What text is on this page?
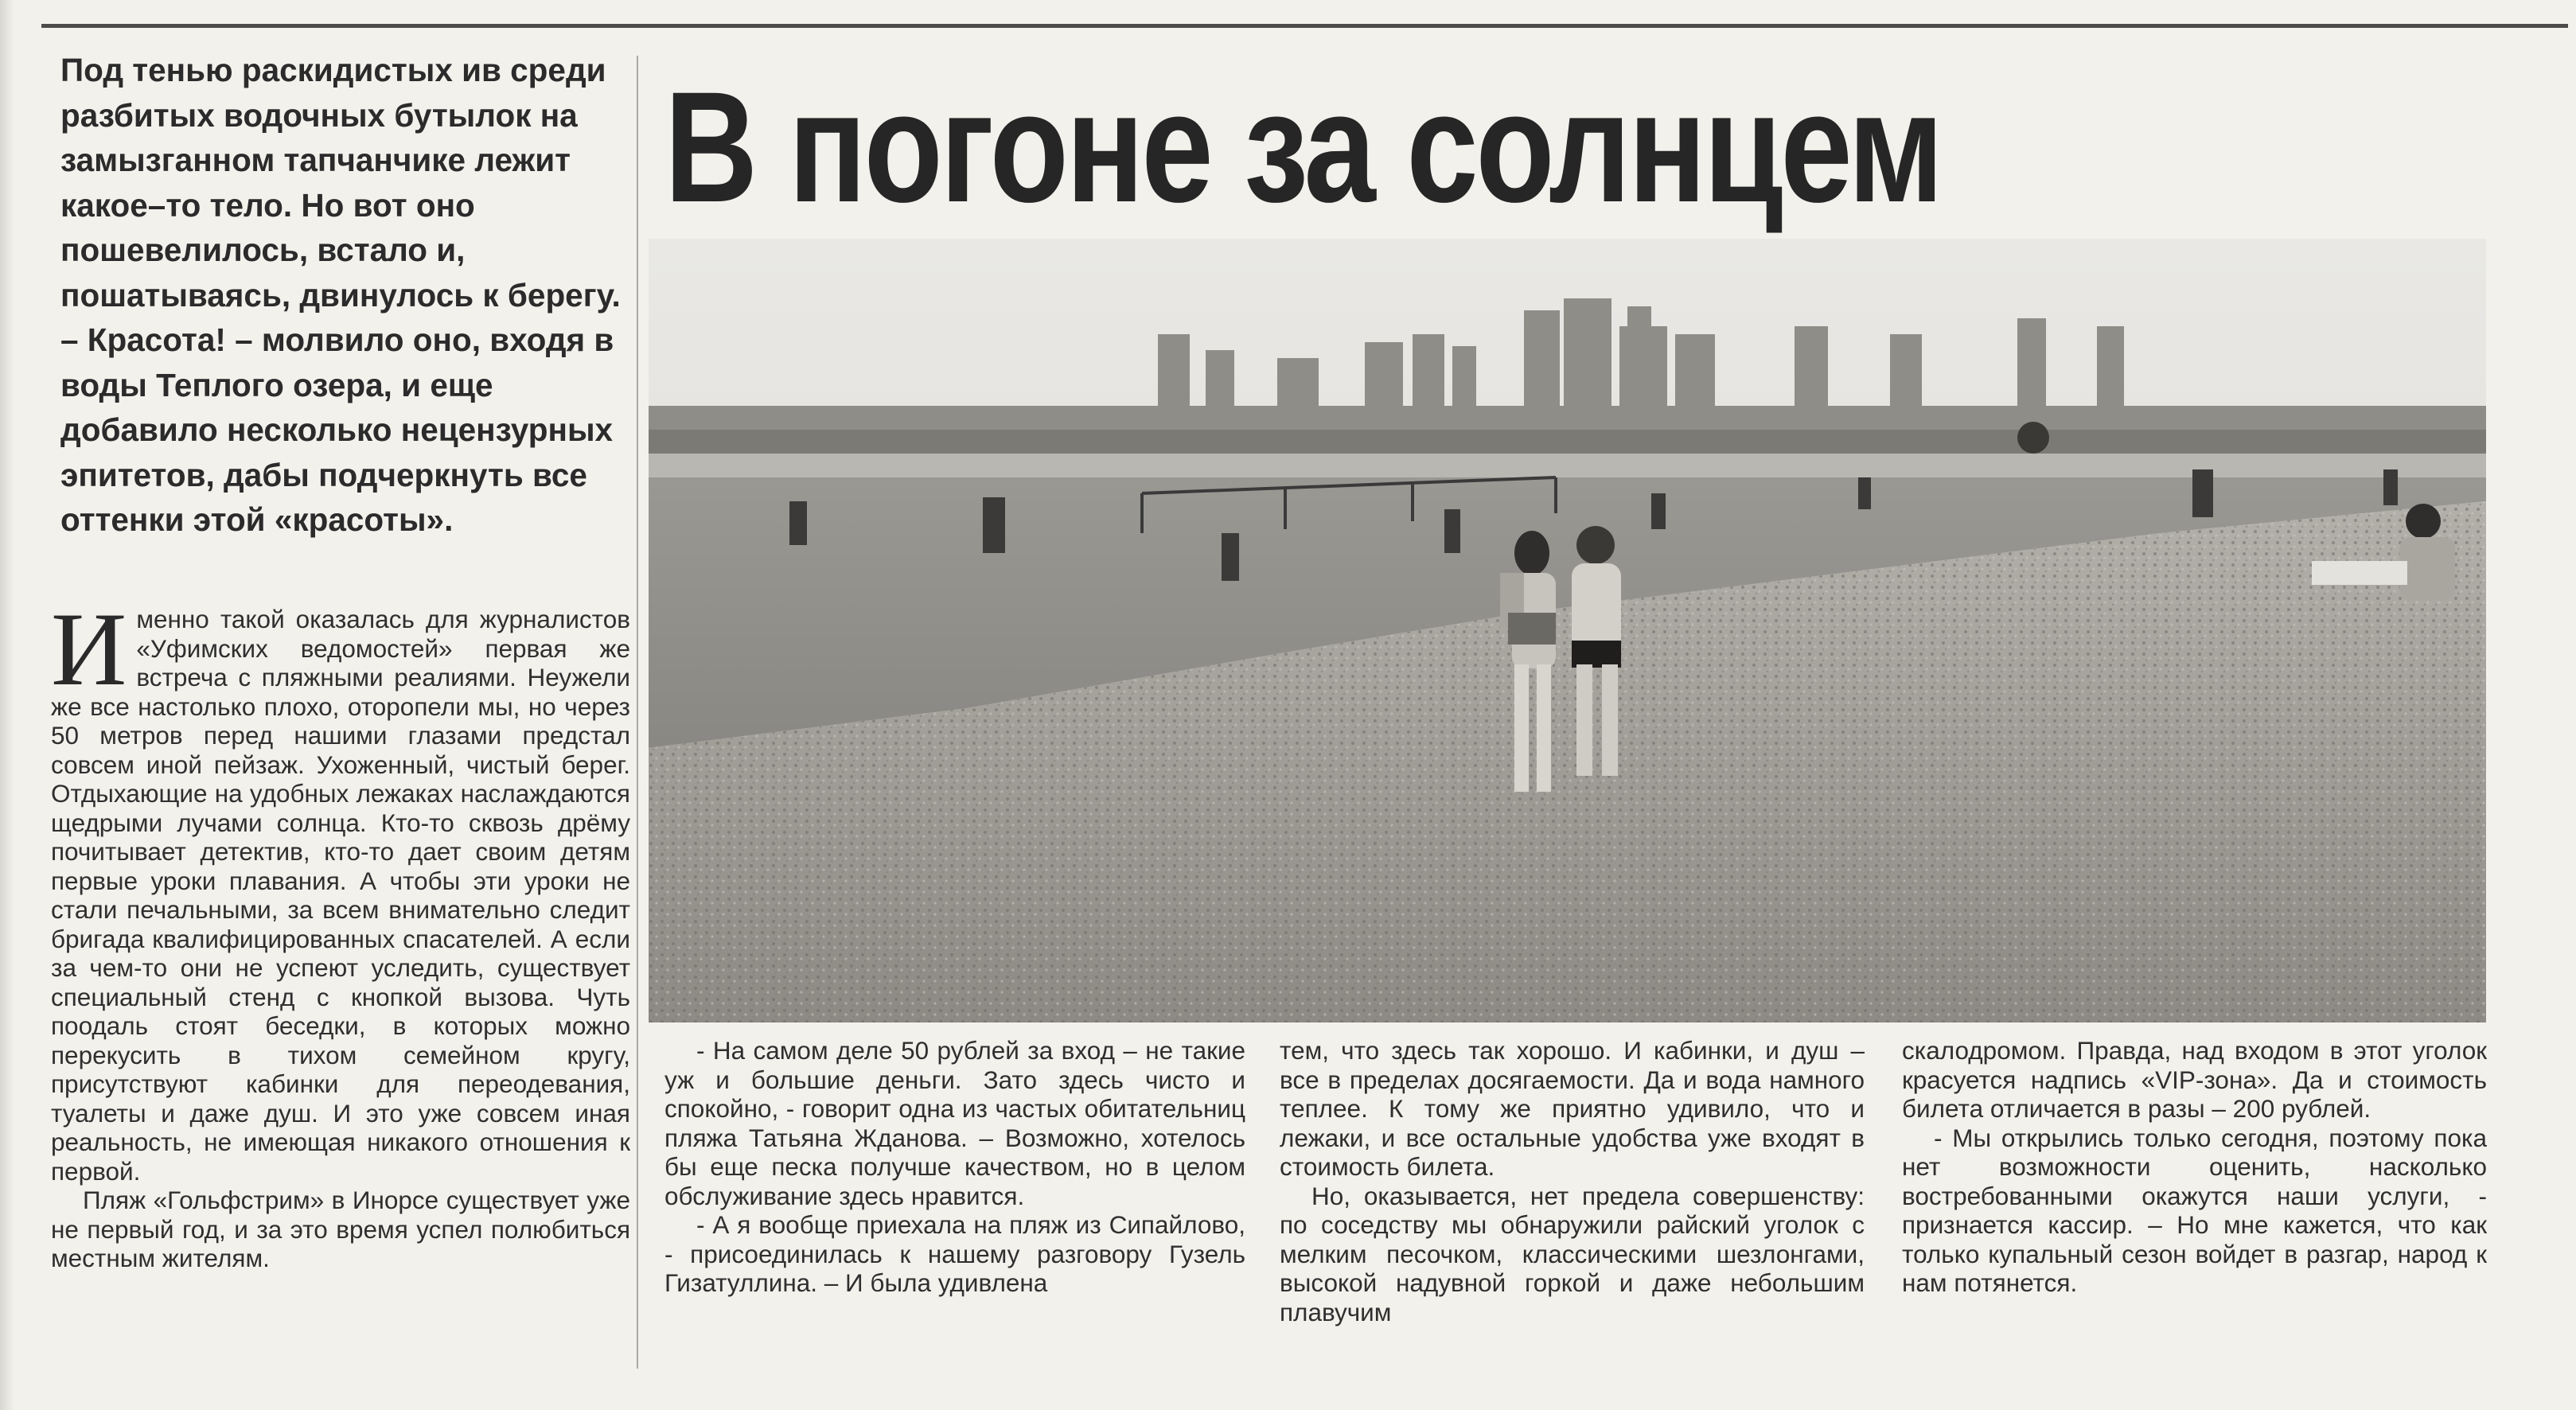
Под тенью раскидистых ив среди разбитых водочных бутылок на замызганном тапчанчике лежит какое–то тело. Но вот оно пошевелилось, встало и, пошатываясь, двинулось к берегу.

– Красота! – молвило оно, входя в воды Теплого озера, и еще добавило несколько нецензурных эпитетов, дабы подчеркнуть все оттенки этой «красоты».

Именно такой оказалась для журналистов «Уфимских ведомостей» первая же встреча с пляжными реалиями. Неужели же все настолько плохо, оторопели мы, но через 50 метров перед нашими глазами предстал совсем иной пейзаж. Ухоженный, чистый берег. Отдыхающие на удобных лежаках наслаждаются щедрыми лучами солнца. Кто-то сквозь дрёму почитывает детектив, кто-то дает своим детям первые уроки плавания. А чтобы эти уроки не стали печальными, за всем внимательно следит бригада квалифицированных спасателей. А если за чем-то они не успеют уследить, существует специальный стенд с кнопкой вызова. Чуть поодаль стоят беседки, в которых можно перекусить в тихом семейном кругу, присутствуют кабинки для переодевания, туалеты и даже душ. И это уже совсем иная реальность, не имеющая никакого отношения к первой.

Пляж «Гольфстрим» в Инорсе существует уже не первый год, и за это время успел полюбиться местным жителям.

В погоне за солнцем

- На самом деле 50 рублей за вход – не такие уж и большие деньги. Зато здесь чисто и спокойно, - говорит одна из частых обитательниц пляжа Татьяна Жданова. – Возможно, хотелось бы еще песка получше качеством, но в целом обслуживание здесь нравится.

- А я вообще приехала на пляж из Сипайлово, - присоединилась к нашему разговору Гузель Гизатуллина. – И была удивлена

тем, что здесь так хорошо. И кабинки, и душ – все в пределах досягаемости. Да и вода намного теплее. К тому же приятно удивило, что и лежаки, и все остальные удобства уже входят в стоимость билета.

Но, оказывается, нет предела совершенству: по соседству мы обнаружили райский уголок с мелким песочком, классическими шезлонгами, высокой надувной горкой и даже небольшим плавучим

скалодромом. Правда, над входом в этот уголок красуется надпись «VIP-зона». Да и стоимость билета отличается в разы – 200 рублей.

- Мы открылись только сегодня, поэтому пока нет возможности оценить, насколько востребованными окажутся наши услуги, - признается кассир. – Но мне кажется, что как только купальный сезон войдет в разгар, народ к нам потянется.
